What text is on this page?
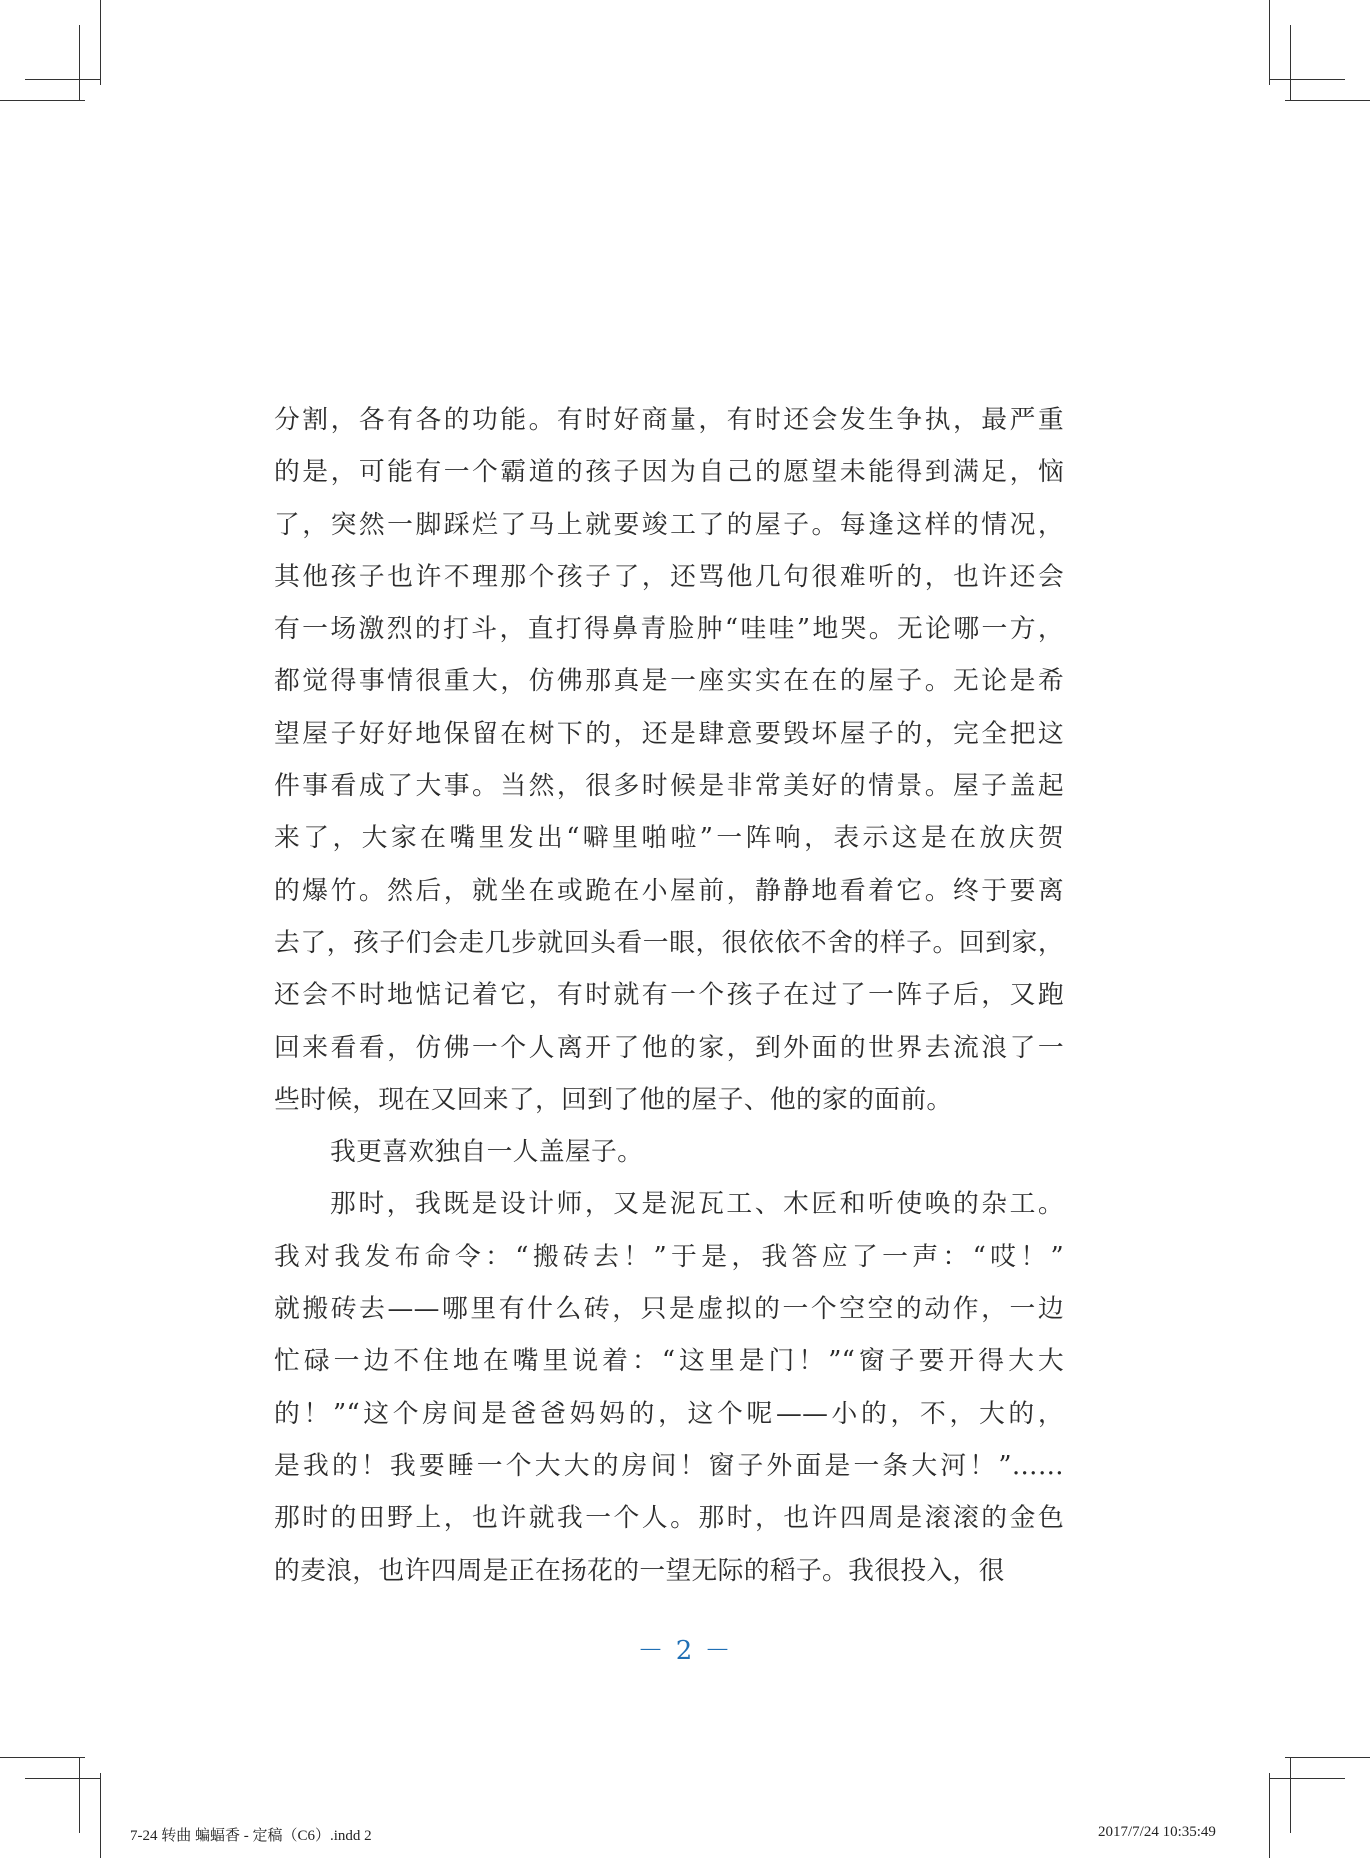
分割，各有各的功能。有时好商量，有时还会发生争执，最严重
的是，可能有一个霸道的孩子因为自己的愿望未能得到满足，恼
了，突然一脚踩烂了马上就要竣工了的屋子。每逢这样的情况，
其他孩子也许不理那个孩子了，还骂他几句很难听的，也许还会
有一场激烈的打斗，直打得鼻青脸肿“哇哇”地哭。无论哪一方，
都觉得事情很重大，仿佛那真是一座实实在在的屋子。无论是希
望屋子好好地保留在树下的，还是肆意要毁坏屋子的，完全把这
件事看成了大事。当然，很多时候是非常美好的情景。屋子盖起
来了，大家在嘴里发出“噼里啪啦”一阵响，表示这是在放庆贺
的爆竹。然后，就坐在或跪在小屋前，静静地看着它。终于要离
去了，孩子们会走几步就回头看一眼，很依依不舍的样子。回到家，
还会不时地惦记着它，有时就有一个孩子在过了一阵子后，又跑
回来看看，仿佛一个人离开了他的家，到外面的世界去流浪了一
些时候，现在又回来了，回到了他的屋子、他的家的面前。
我更喜欢独自一人盖屋子。
那时，我既是设计师，又是泥瓦工、木匠和听使唤的杂工。
我对我发布命令：“搬砖去！”于是，我答应了一声：“哎！”
就搬砖去——哪里有什么砖，只是虚拟的一个空空的动作，一边
忙碌一边不住地在嘴里说着：“这里是门！”“窗子要开得大大
的！”“这个房间是爸爸妈妈的，这个呢——小的，不，大的，
是我的！我要睡一个大大的房间！窗子外面是一条大河！”……
那时的田野上，也许就我一个人。那时，也许四周是滚滚的金色
的麦浪，也许四周是正在扬花的一望无际的稻子。我很投入，很
－ 2 －
7-24 转曲 蝙蝠香 - 定稿（C6）.indd 2	2017/7/24 10:35:49
